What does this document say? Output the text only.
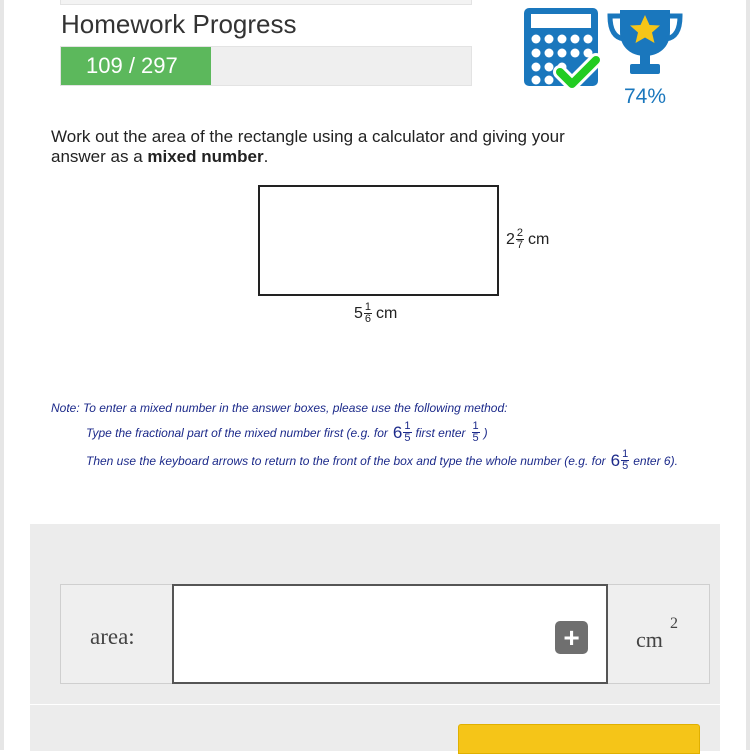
Homework Progress
109 / 297
74%
Work out the area of the rectangle using a calculator and giving your answer as a mixed number.
$2 \frac{2}{7}$ cm
$5 \frac{1}{6}$ cm
Note: To enter a mixed number in the answer boxes, please use the following method:
Type the fractional part of the mixed number first (e.g. for $6 \frac{1}{5}$ first enter $\frac{1}{5}$ )
Then use the keyboard arrows to return to the front of the box and type the whole number (e.g. for $6 \frac{1}{5}$ enter 6).
area:	+	cm
2
